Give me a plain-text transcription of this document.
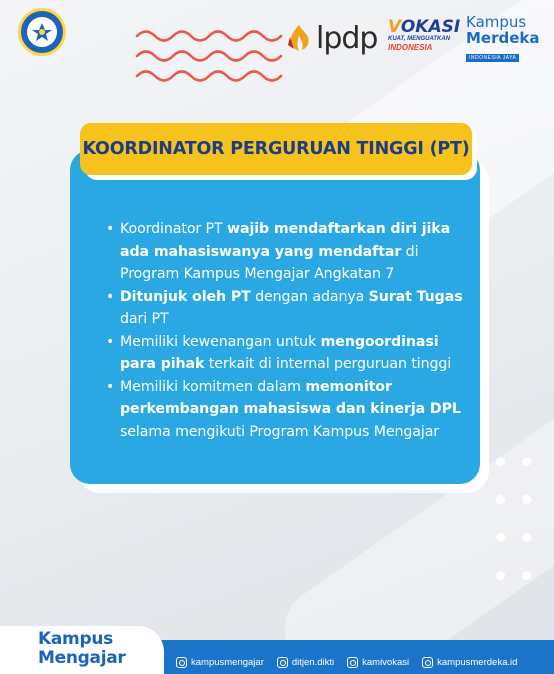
lpdp VOKASI
KUAT, MENGUATKAN
INDONESIA
Kampus
Merdeka
INDONESIA JAYA
KOORDINATOR PERGURUAN TINGGI (PT)
• Koordinator PT wajib mendaftarkan diri jika ada mahasiswanya yang mendaftar di Program Kampus Mengajar Angkatan 7
• Ditunjuk oleh PT dengan adanya Surat Tugas dari PT
• Memiliki kewenangan untuk mengoordinasi para pihak terkait di internal perguruan tinggi
• Memiliki komitmen dalam memonitor perkembangan mahasiswa dan kinerja DPL selama mengikuti Program Kampus Mengajar
Kampus
Mengajar	kampusmengajar	ditjen.dikti	kamivokasi	kampusmerdeka.id
